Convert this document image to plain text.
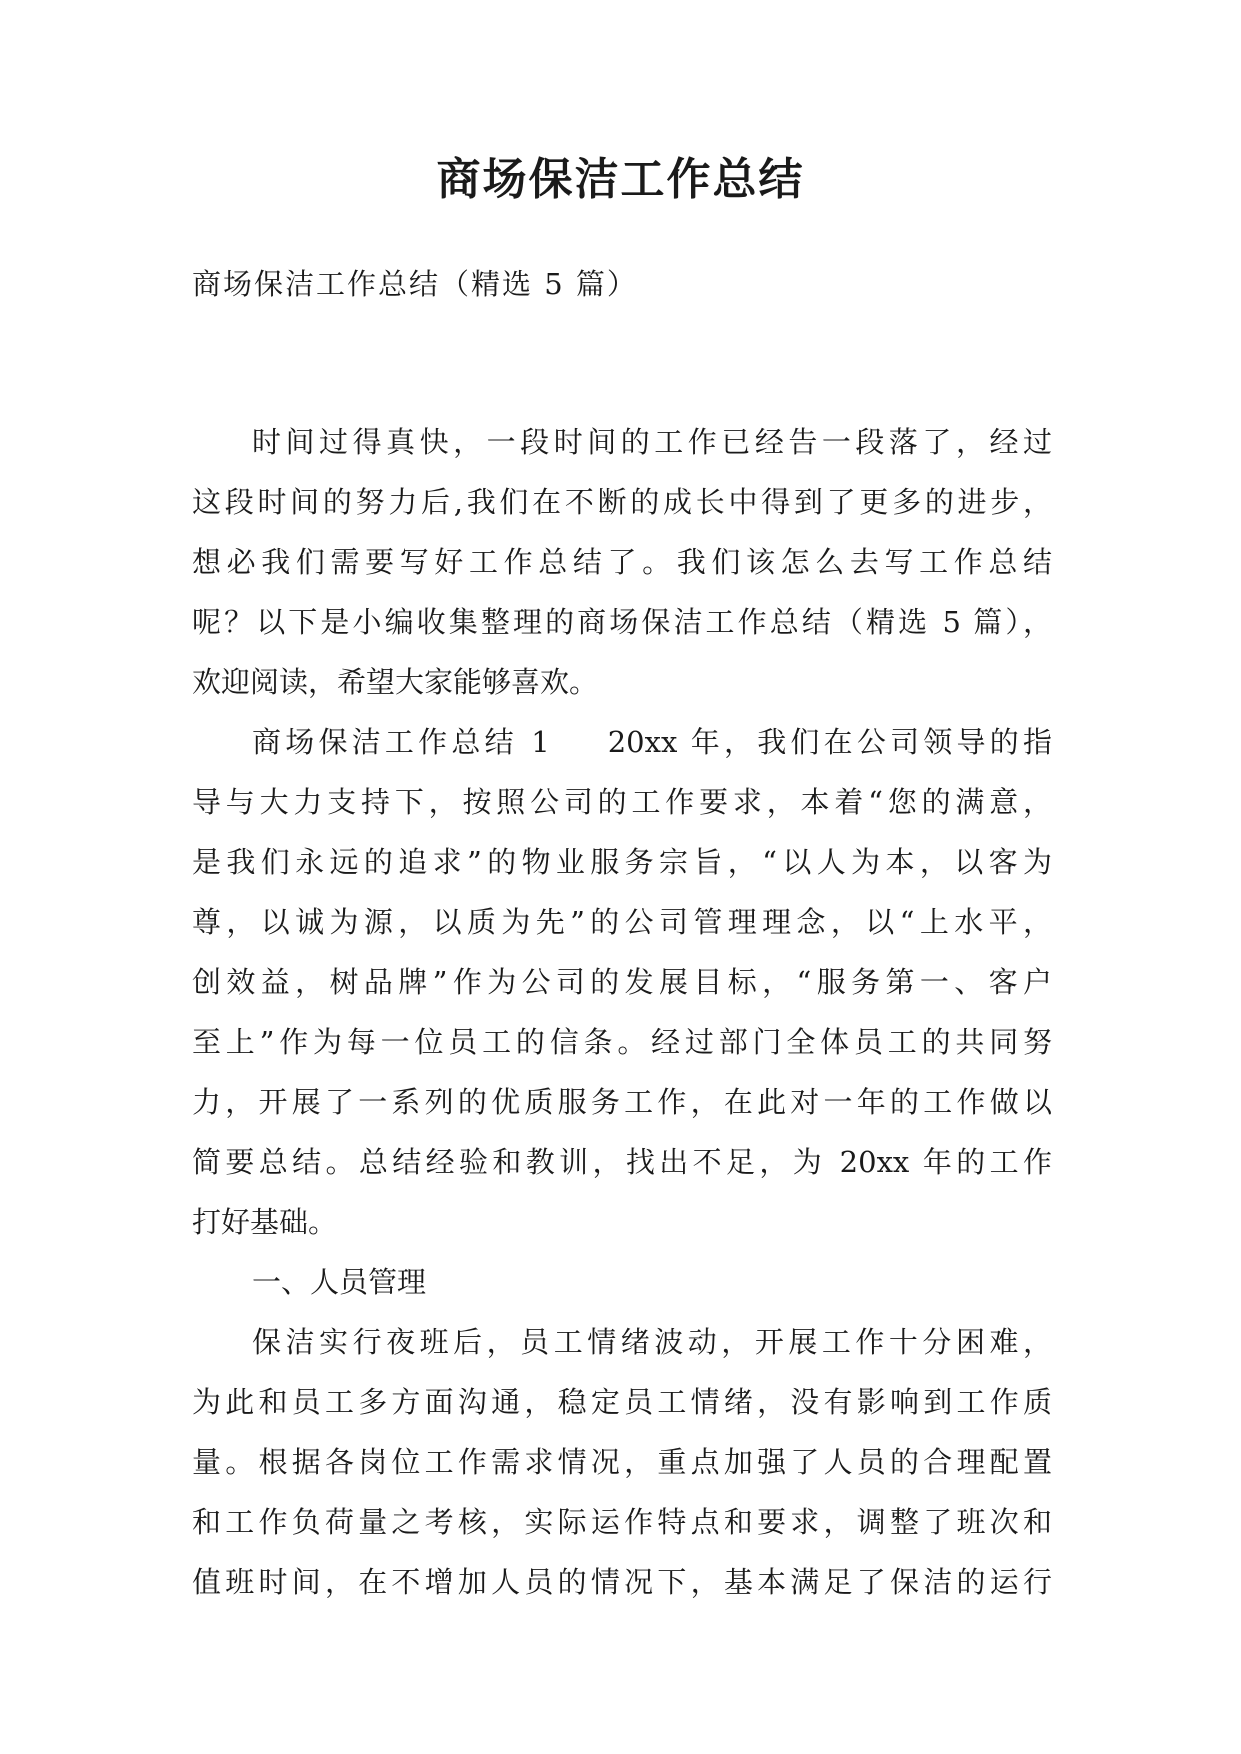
商场保洁工作总结

商场保洁工作总结（精选 5 篇）

时间过得真快，一段时间的工作已经告一段落了，经过
这段时间的努力后,我们在不断的成长中得到了更多的进步，
想必我们需要写好工作总结了。我们该怎么去写工作总结
呢？以下是小编收集整理的商场保洁工作总结（精选 5 篇），
欢迎阅读，希望大家能够喜欢。
商场保洁工作总结 1 20xx 年，我们在公司领导的指
导与大力支持下，按照公司的工作要求，本着“您的满意，
是我们永远的追求”的物业服务宗旨，“以人为本，以客为
尊，以诚为源，以质为先”的公司管理理念，以“上水平，
创效益，树品牌”作为公司的发展目标，“服务第一、客户
至上”作为每一位员工的信条。经过部门全体员工的共同努
力，开展了一系列的优质服务工作，在此对一年的工作做以
简要总结。总结经验和教训，找出不足，为 20xx 年的工作
打好基础。
一、人员管理
保洁实行夜班后，员工情绪波动，开展工作十分困难，
为此和员工多方面沟通，稳定员工情绪，没有影响到工作质
量。根据各岗位工作需求情况，重点加强了人员的合理配置
和工作负荷量之考核，实际运作特点和要求，调整了班次和
值班时间，在不增加人员的情况下，基本满足了保洁的运行
